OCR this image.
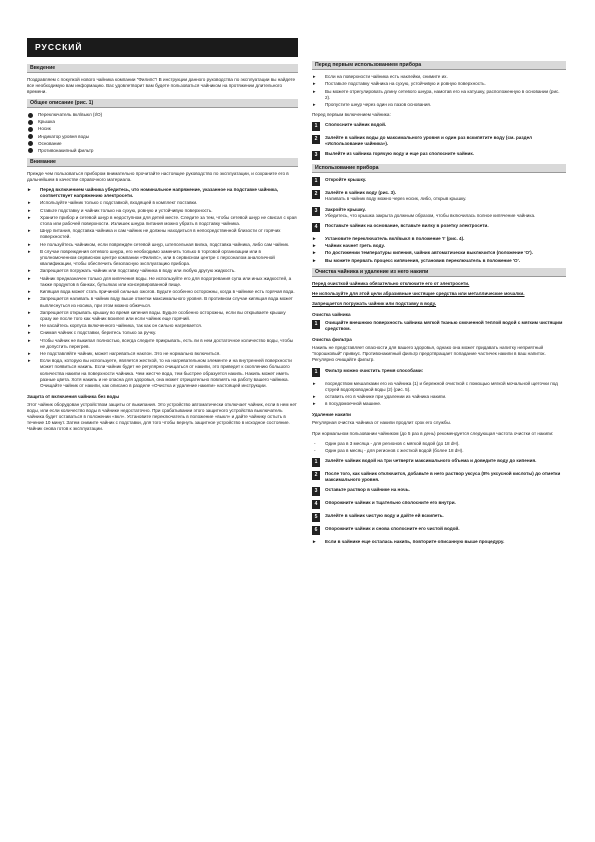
РУССКИЙ
Введение

Поздравляем с покупкой нового чайника компании "Филипс"! В инструкции данного руководства по эксплуатации вы найдете все необходимую вам информацию. Вас удовлетворит вам будете пользоваться чайником на протяжении длительного времени.

Общее описание (рис. 1)
Переключатель вкл/выкл (I/O)
Крышка
Носик
Индикатор уровня воды
Основание
Противонакипный фильтр
Внимание

Прежде чем пользоваться прибором внимательно прочитайте настоящее руководство по эксплуатации, и сохраните его в дальнейшем в качестве справочного материала.

▸ Перед включением чайника убедитесь, что номинальное напряжение, указанное на подставке чайника, соответствует напряжению электросети.
▸ Используйте чайник только с подставкой, входящей в комплект поставки.
▸ Ставьте подставку и чайник только на сухую, ровную и устойчивую поверхность.
▸ Храните прибор и сетевой шнур в недоступном для детей месте. Следите за тем, чтобы сетевой шнур не свисал с края стола или рабочей поверхности. Излишек шнура питания можно убрать в подставку чайника.
▸ Шнур питания, подставка чайника и сам чайник не должны находиться в непосредственной близости от горячих поверхностей.
▸ Не пользуйтесь чайником, если повреждён сетевой шнур, штепсельная вилка, подставка чайника, либо сам чайник.
▸ В случае повреждения сетевого шнура, его необходимо заменить только в торговой организации или в уполномоченном сервисном центре компании «Филипс», или в сервисном центре с персоналом аналогичной квалификации, чтобы обеспечить безопасную эксплуатацию прибора.
▸ Запрещается погружать чайник или подставку чайника в воду или любую другую жидкость.
▸ Чайник предназначен только для кипячения воды. Не используйте его для подогревания супа или иных жидкостей, а также продуктов в банках, бутылках или консервированной пище.
▸ Кипящая вода может стать причиной сильных ожогов. Будьте особенно осторожны, когда в чайнике есть горячая вода.
▸ Запрещается наливать в чайник воду выше отметки максимального уровня. В противном случае кипящая вода может выплеснуться из носика, при этом можно обжечься.
▸ Запрещается открывать крышку во время кипения воды. Будьте особенно осторожны, если вы открываете крышку сразу же после того как чайник вскипел или если чайник еще горячий.
▸ Не касайтесь корпуса включенного чайника, так как он сильно нагревается.
▸ Снимая чайник с подставки, беритесь только за ручку.
▸ Чтобы чайник не выкипал полностью, всегда следите прикрывать, есть ли в нем достаточное количество воды, чтобы не допустить перегрев.
▸ Не подставляйте чайник, может нагреваться наклон. Это не нормально включиться.
▸ Если вода, которую вы используете, является жесткой, то на нагревательном элементе и на внутренней поверхности может появиться накипь. Если чайник будет не регулярно очищаться от накипи, это приведет к скоплению большого количества накипи на поверхности чайника. Чем жестче вода, тем быстрее образуется накипь. Накипь может иметь разные цвета. Хотя накипь и не опасна для здоровья, она может отрицательно повлиять на работу вашего чайника. Очищайте чайник от накипи, как описано в разделе «Очистка и удаление накипи» настоящей инструкции.
Защита от включения чайника без воды

Этот чайник оборудован устройством защиты от выкипания. Это устройство автоматически отключает чайник, если в нем нет воды, или если количество воды в чайнике недостаточно. При срабатывании этого защитного устройства выключатель чайника будет оставаться в положении «вкл». Установите переключатель в положение «выкл» и дайте чайнику остыть в течение 10 минут. Затем снимите чайник с подставки, для того чтобы вернуть защитное устройство в исходное состояние. Чайник снова готов к эксплуатации.

Перед первым использованием прибора
▸ Если на поверхности чайника есть наклейки, снимите их.
▸ Поставьте подставку чайника на сухую, устойчивую и ровную поверхность.
▸ Вы можете отрегулировать длину сетевого шнура, намотав его на катушку, расположенную в основании (рис. 2).
▸ Пропустите шнур через один из пазов основания.

Перед первым включением чайника:

1	Сполосните чайник водой.
2	Залейте в чайник воды до максимального уровня и один раз вскипятите воду (см. раздел «Использование чайника»).
3	Вылейте из чайника горячую воду и еще раз сполосните чайник.
Использование прибора
1	Откройте крышку.
2	Залейте в чайник воду (рис. 3).
Наливать в чайник воду можно через носик, либо, открыв крышку.
3	Закройте крышку.
Убедитесь, что крышка закрыта должным образом, чтобы включилась полное кипячение чайника.
4	Поставьте чайник на основание, вставьте вилку в розетку электросети.
▸ Установите переключатель вкл/выкл в положение 'I' (рис. 4).
▸ Чайник начнет греть воду.
▸ По достижении температуры кипения, чайник автоматически выключится (положение 'O').
▸ Вы можете прервать процесс кипячения, установив переключатель в положение 'O'.
Очистка чайника и удаление из него накипи

Перед очисткой чайника обязательно отключите его от электросети.

Не используйте для этой цели абразивные чистящие средства или металлические мочалки.

Запрещается погружать чайник или подставку в воду.

Очистка чайника
1	Очищайте внешнюю поверхность чайника мягкой тканью смоченной теплой водой с мягким чистящим средством.
Очистка фильтра

Накипь не представляет опасности для вашего здоровья, однако она может придавать напитку неприятный "порошковый" привкус. Противонакипный фильтр предотвращает попадание частичек накипи в ваш напиток. Регулярно очищайте фильтр.

1	Фильтр можно очистить тремя способами:
▸ посредством мешалками его из чайника (1) и бережной очисткой с помощью мягкой мочальной щеточки под струей водопроводной воды (2) (рис. 5).
▸ оставить его в чайнике при удалении из чайника накипи.
▸ в посудомоечной машине.
Удаление накипи

Регулярная очистка чайника от накипи продлит срок его службы.

При нормальном пользовании чайником (до 5 раз в день) рекомендуется следующая частота очистки от накипи:

- Один раз в 3 месяца - для регионов с мягкой водой (до 18 dH).
- Один раз в месяц - для регионов с жесткой водой (более 18 dH).
1	Залейте чайник водой на три четверти максимального объема и доведите воду до кипения.
2	После того, как чайник отключится, добавьте в него раствор уксуса (8% уксусной кислоты) до отметки максимального уровня.
3	Оставьте раствор в чайнике на ночь.
4	Опорожните чайник и тщательно сполосните его внутри.
5	Залейте в чайник чистую воду и дайте ей вскипеть.
6	Опорожните чайник и снова сполосните его чистой водой.
▸ Если в чайнике еще осталась накипь, повторите описанную выше процедуру.
